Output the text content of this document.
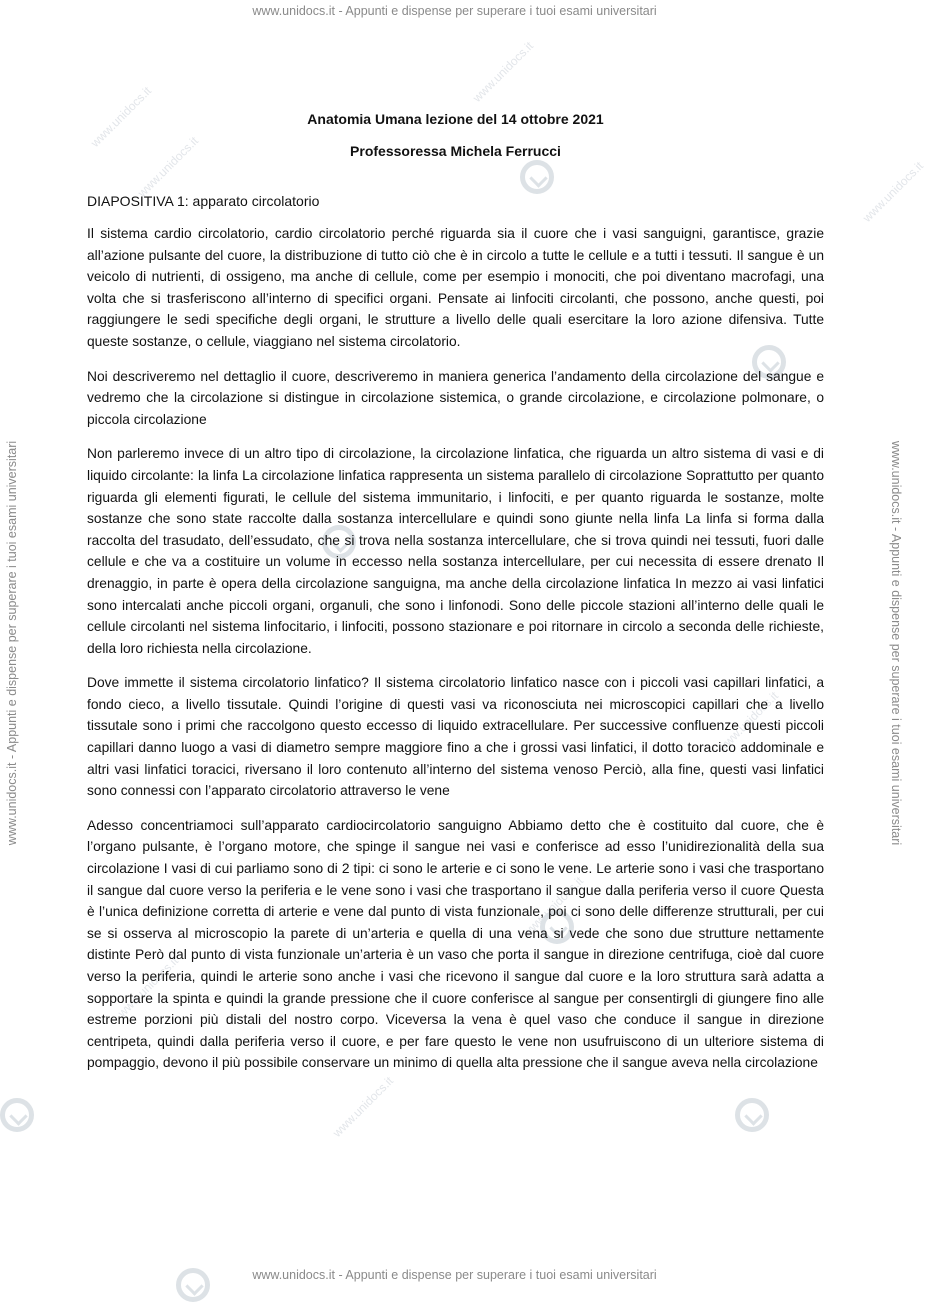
www.unidocs.it
www.unidocs.it
www.unidocs.it
www.unidocs.it
www.unidocs.it
www.unidocs.it
www.unidocs.it
www.unidocs.it
www.unidocs.it - Appunti e dispense per superare i tuoi esami universitari
www.unidocs.it - Appunti e dispense per superare i tuoi esami universitari
www.unidocs.it - Appunti e dispense per superare i tuoi esami universitari	www.unidocs.it - Appunti e dispense per superare i tuoi esami universitari
Anatomia Umana lezione del 14 ottobre 2021
Professoressa Michela Ferrucci
DIAPOSITIVA 1: apparato circolatorio

Il sistema cardio circolatorio, cardio circolatorio perché riguarda sia il cuore che i vasi sanguigni, garantisce, grazie all’azione pulsante del cuore, la distribuzione di tutto ciò che è in circolo a tutte le cellule e a tutti i tessuti. Il sangue è un veicolo di nutrienti, di ossigeno, ma anche di cellule, come per esempio i monociti, che poi diventano macrofagi, una volta che si trasferiscono all’interno di specifici organi. Pensate ai linfociti circolanti, che possono, anche questi, poi raggiungere le sedi specifiche degli organi, le strutture a livello delle quali esercitare la loro azione difensiva. Tutte queste sostanze, o cellule, viaggiano nel sistema circolatorio.

Noi descriveremo nel dettaglio il cuore, descriveremo in maniera generica l’andamento della circolazione del sangue e vedremo che la circolazione si distingue in circolazione sistemica, o grande circolazione, e circolazione polmonare, o piccola circolazione

Non parleremo invece di un altro tipo di circolazione, la circolazione linfatica, che riguarda un altro sistema di vasi e di liquido circolante: la linfa La circolazione linfatica rappresenta un sistema parallelo di circolazione Soprattutto per quanto riguarda gli elementi figurati, le cellule del sistema immunitario, i linfociti, e per quanto riguarda le sostanze, molte sostanze che sono state raccolte dalla sostanza intercellulare e quindi sono giunte nella linfa La linfa si forma dalla raccolta del trasudato, dell’essudato, che si trova nella sostanza intercellulare, che si trova quindi nei tessuti, fuori dalle cellule e che va a costituire un volume in eccesso nella sostanza intercellulare, per cui necessita di essere drenato Il drenaggio, in parte è opera della circolazione sanguigna, ma anche della circolazione linfatica In mezzo ai vasi linfatici sono intercalati anche piccoli organi, organuli, che sono i linfonodi. Sono delle piccole stazioni all’interno delle quali le cellule circolanti nel sistema linfocitario, i linfociti, possono stazionare e poi ritornare in circolo a seconda delle richieste, della loro richiesta nella circolazione.

Dove immette il sistema circolatorio linfatico? Il sistema circolatorio linfatico nasce con i piccoli vasi capillari linfatici, a fondo cieco, a livello tissutale. Quindi l’origine di questi vasi va riconosciuta nei microscopici capillari che a livello tissutale sono i primi che raccolgono questo eccesso di liquido extracellulare. Per successive confluenze questi piccoli capillari danno luogo a vasi di diametro sempre maggiore fino a che i grossi vasi linfatici, il dotto toracico addominale e altri vasi linfatici toracici, riversano il loro contenuto all’interno del sistema venoso Perciò, alla fine, questi vasi linfatici sono connessi con l’apparato circolatorio attraverso le vene

Adesso concentriamoci sull’apparato cardiocircolatorio sanguigno Abbiamo detto che è costituito dal cuore, che è l’organo pulsante, è l’organo motore, che spinge il sangue nei vasi e conferisce ad esso l’unidirezionalità della sua circolazione I vasi di cui parliamo sono di 2 tipi: ci sono le arterie e ci sono le vene. Le arterie sono i vasi che trasportano il sangue dal cuore verso la periferia e le vene sono i vasi che trasportano il sangue dalla periferia verso il cuore Questa è l’unica definizione corretta di arterie e vene dal punto di vista funzionale, poi ci sono delle differenze strutturali, per cui se si osserva al microscopio la parete di un’arteria e quella di una vena si vede che sono due strutture nettamente distinte Però dal punto di vista funzionale un’arteria è un vaso che porta il sangue in direzione centrifuga, cioè dal cuore verso la periferia, quindi le arterie sono anche i vasi che ricevono il sangue dal cuore e la loro struttura sarà adatta a sopportare la spinta e quindi la grande pressione che il cuore conferisce al sangue per consentirgli di giungere fino alle estreme porzioni più distali del nostro corpo. Viceversa la vena è quel vaso che conduce il sangue in direzione centripeta, quindi dalla periferia verso il cuore, e per fare questo le vene non usufruiscono di un ulteriore sistema di pompaggio, devono il più possibile conservare un minimo di quella alta pressione che il sangue aveva nella circolazione
